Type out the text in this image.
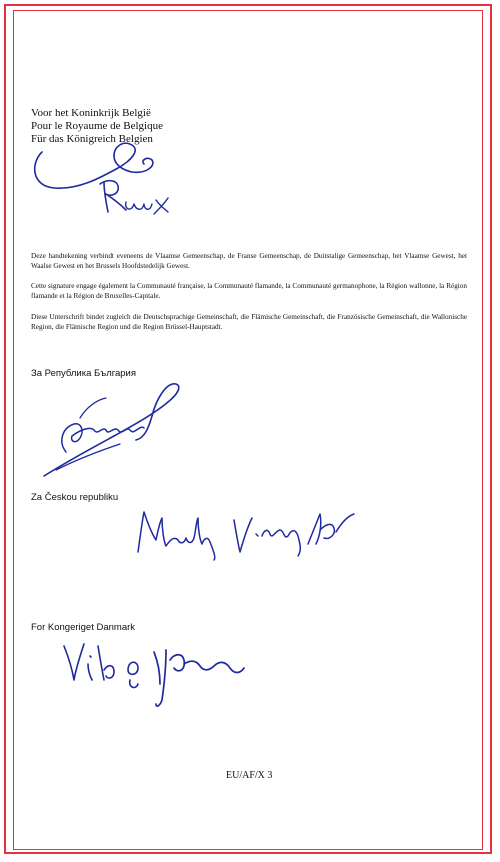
Voor het Koninkrijk België
Pour le Royaume de Belgique
Für das Königreich Belgien

Deze handtekening verbindt eveneens de Vlaamse Gemeenschap, de Franse Gemeenschap, de Duitstalige Gemeenschap, het Vlaamse Gewest, het Waalse Gewest en het Brussels Hoofdstedelijk Gewest.

Cette signature engage également la Communauté française, la Communauté flamande, la Communauté germanophone, la Région wallonne, la Région flamande et la Région de Bruxelles-Capitale.

Diese Unterschrift bindet zugleich die Deutschsprachige Gemeinschaft, die Flämische Gemeinschaft, die Französische Gemeinschaft, die Wallonische Region, die Flämische Region und die Region Brüssel-Hauptstadt.

За Република България
Za Českou republiku
For Kongeriget Danmark
EU/AF/X 3
